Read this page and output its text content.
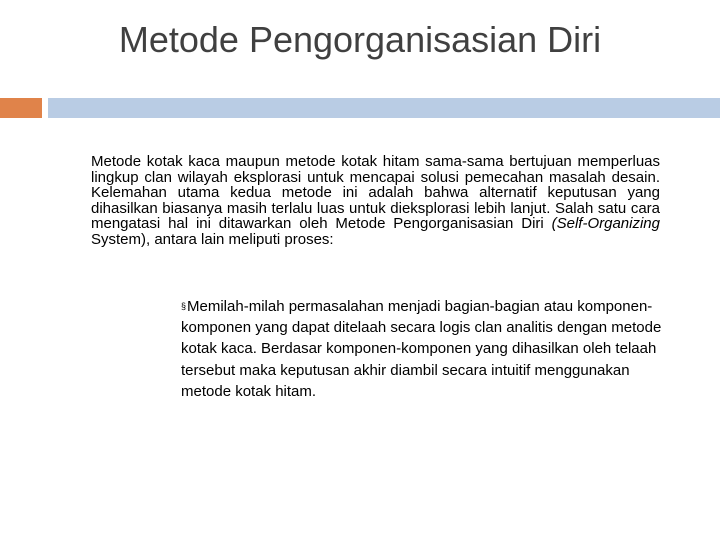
Metode Pengorganisasian Diri

Metode kotak kaca maupun metode kotak hitam sama-sama bertujuan memperluas lingkup clan wilayah eksplorasi untuk mencapai solusi pemecahan masalah desain. Kelemahan utama kedua metode ini adalah bahwa alternatif keputusan yang dihasilkan biasanya masih terlalu luas untuk dieksplorasi lebih lanjut. Salah satu cara mengatasi hal ini ditawarkan oleh Metode Pengorganisasian Diri (Self-Organizing System), antara lain meliputi proses:

§Memilah-milah permasalahan menjadi bagian-bagian atau komponen-komponen yang dapat ditelaah secara logis clan analitis dengan metode kotak kaca. Berdasar komponen-komponen yang dihasilkan oleh telaah tersebut maka keputusan akhir diambil secara intuitif menggunakan metode kotak hitam.
